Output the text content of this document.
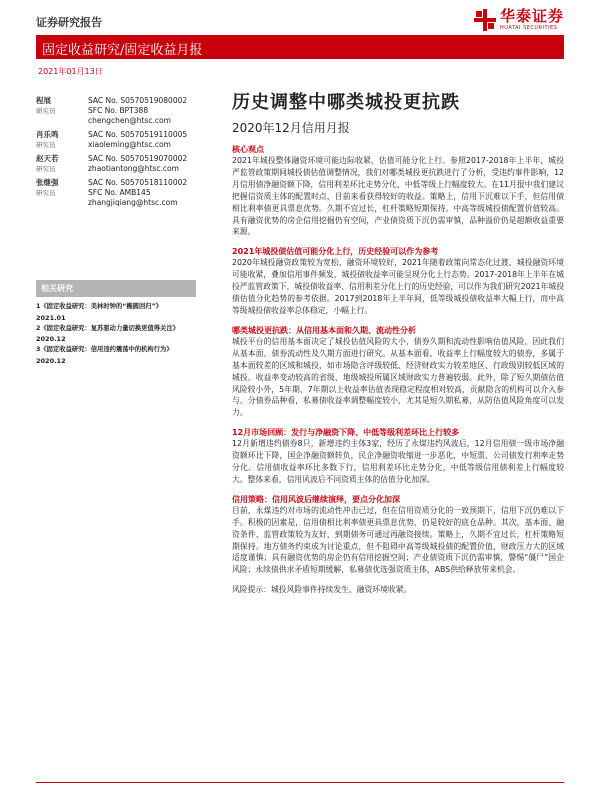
证券研究报告	华泰证券
HUATAI SECURITIES
固定收益研究/固定收益月报
2021年01月13日
程展
研究员
SAC No. S0570519080002
SFC No. BPT388
chengchen@htsc.com
肖乐鸣
研究员
SAC No. S0570519110005
xiaoleming@htsc.com
赵天若
研究员
SAC No. S0570519070002
zhaotiantong@htsc.com
张继强
研究员
SAC No. S0570518110002
SFC No. AMB145
zhangjiqiang@htsc.com
相关研究
1《固定收益研究：美林时钟的“椭圆回归”》
2021.01
2《固定收益研究：复苏驱动力量切换更值得关注》
2020.12
3《固定收益研究：信用违约震荡中的机构行为》
2020.12
历史调整中哪类城投更抗跌
2020年12月信用月报
核心观点
2021年城投整体融资环境可能边际收紧，估值可能分化上行。参照2017-2018年上半年，城投严监管政策期间城投债估值调整情况，我们对哪类城投更抗跌进行了分析，受违约事件影响，12月信用债净融资额下降，信用利差环比走势分化，中低等级上行幅度较大。在11月报中我们建议把握信资质主体的配置时点，目前来看获得较好的收益。策略上，信用下沉难以下手，但信用债相比利率债更具票息优势。久期不宜过长，杠杆策略短期保持。中高等级城投债配置价值较高。具有融资优势的房企信用挖掘仍有空间，产业债资质下沉仍需审慎，品种溢价仍是超额收益重要来源。
2021年城投债估值可能分化上行，历史经验可以作为参考
2020年城投融资政策较为宽松，融资环境较好，2021年随着政策向常态化过渡，城投融资环境可能收紧，叠加信用事件频发，城投债收益率可能呈现分化上行态势。2017-2018年上半年在城投严监管政策下，城投债收益率、信用利差分化上行的历史经验，可以作为我们研究2021年城投债估值分化趋势的参考依据。2017到2018年上半年间，低等级城投债收益率大幅上行，而中高等级城投债收益率总体稳定，小幅上行。
哪类城投更抗跌：从信用基本面和久期、流动性分析
城投平台的信用基本面决定了城投估值风险的大小，债券久期和流动性影响估值风险，因此我们从基本面、债券流动性及久期方面进行研究。从基本面看，收益率上行幅度较大的债券，多属于基本面较差的区域和城投，如市场隐含评级较低、经济财政实力较差地区、行政级别较低区域的城投。收益率变动较高的省级、地级城投所属区域财政实力普遍较弱。此外，除了短久期债估值风险较小外，5年期、7年期以上收益率估值表现稳定程度相对较高，贡献隐含的机构可以介入参与。分债券品种看，私募债收益率调整幅度较小，尤其是短久期私募，从防估值风险角度可以发力。
12月市场回顾：发行与净融资下降、中低等级利差环比上行较多
12月新增违约债券8只，新增违约主体3家，经历了永煤违约风波后，12月信用债一级市场净融资额环比下降，国企净融资额转负，民企净融资收缩进一步恶化，中短票、公司债发行利率走势分化。信用债收益率环比多数下行，信用利差环比走势分化，中低等级信用债利差上行幅度较大。整体来看，信用风波后不同资质主体的估值分化加深。
信用策略：信用风波后继续演绎，要点分化加深
目前，永煤违约对市场的流动性冲击已过，但在信用资质分化的一致预期下，信用下沉仍难以下手。积极的因素是，信用债相比利率债更具票息优势，仍是较好的底仓品种。其次，基本面、融资条件、监管政策较为友好，到期债务可通过再融资接续。策略上，久期不宜过长，杠杆策略短期保持。地方债务约束成为讨论重点，但不阻碍中高等级城投债的配置价值，财政压力大的区域适度谨慎；具有融资优势的房企仍有信用挖掘空间；产业债资质下沉仍需审慎，警惕“僵尸”国企风险；永续债供求矛盾短期缓解，私募债优选强资质主体，ABS供给释放带来机会。
风险提示：城投风险事件持续发生、融资环境收紧。
